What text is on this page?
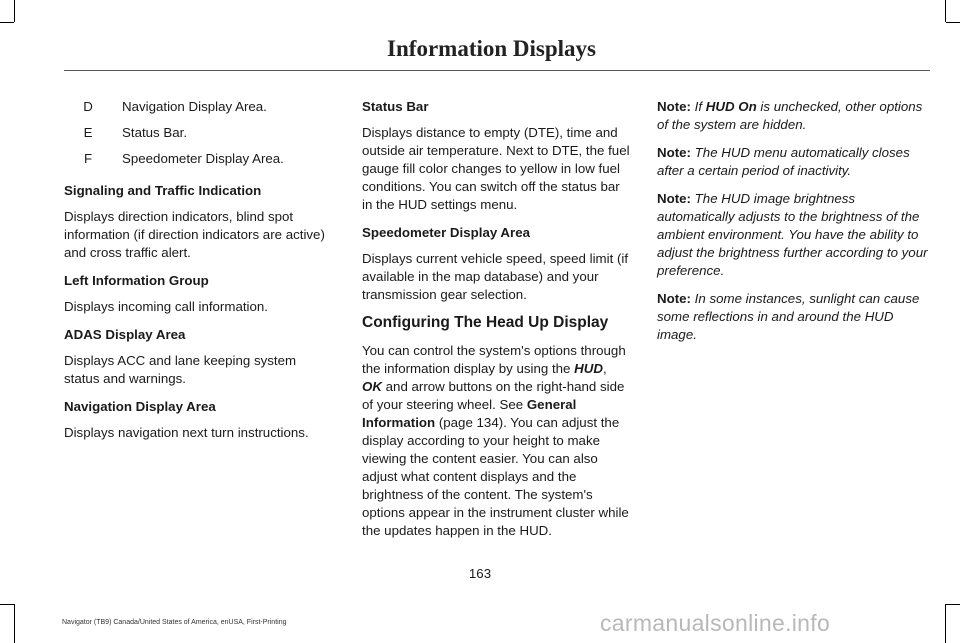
Information Displays
D	Navigation Display Area.
E	Status Bar.
F	Speedometer Display Area.
Signaling and Traffic Indication

Displays direction indicators, blind spot information (if direction indicators are active) and cross traffic alert.

Left Information Group

Displays incoming call information.

ADAS Display Area

Displays ACC and lane keeping system status and warnings.

Navigation Display Area

Displays navigation next turn instructions.

Status Bar

Displays distance to empty (DTE), time and outside air temperature. Next to DTE, the fuel gauge fill color changes to yellow in low fuel conditions. You can switch off the status bar in the HUD settings menu.

Speedometer Display Area

Displays current vehicle speed, speed limit (if available in the map database) and your transmission gear selection.

Configuring The Head Up Display

You can control the system's options through the information display by using the HUD, OK and arrow buttons on the right-hand side of your steering wheel. See General Information (page 134). You can adjust the display according to your height to make viewing the content easier. You can also adjust what content displays and the brightness of the content. The system's options appear in the instrument cluster while the updates happen in the HUD.

Note: If HUD On is unchecked, other options of the system are hidden.

Note: The HUD menu automatically closes after a certain period of inactivity.

Note: The HUD image brightness automatically adjusts to the brightness of the ambient environment. You have the ability to adjust the brightness further according to your preference.

Note: In some instances, sunlight can cause some reflections in and around the HUD image.

163
Navigator (TB9) Canada/United States of America, enUSA, First-Printing	carmanualsonline.info
